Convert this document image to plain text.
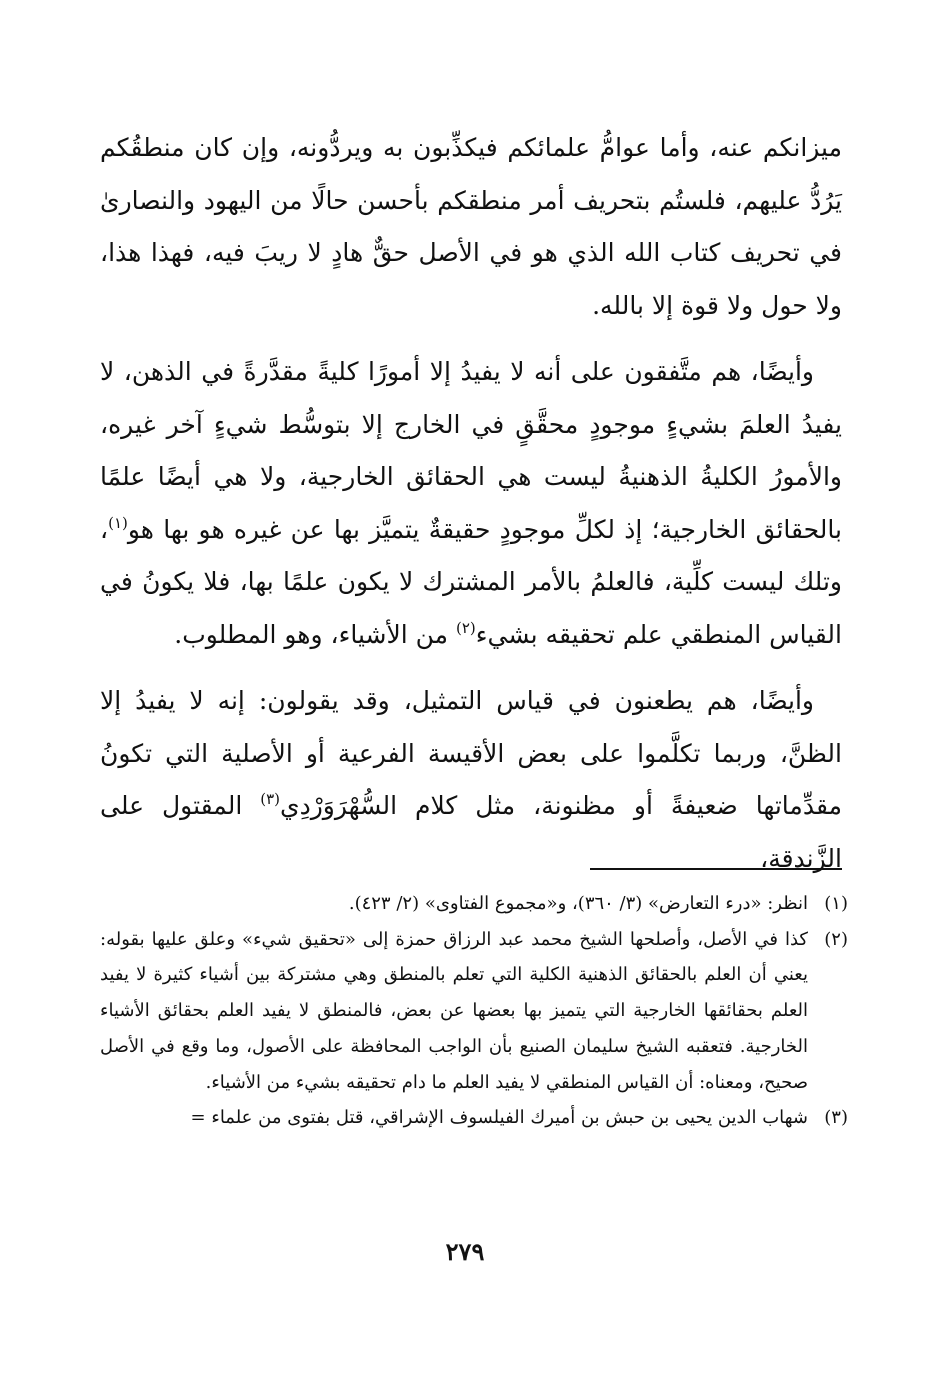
ميزانكم عنه، وأما عوامُّ علمائكم فيكذِّبون به ويردُّونه، وإن كان منطقُكم يَرُدُّ عليهم، فلستُم بتحريف أمر منطقكم بأحسن حالًا من اليهود والنصارىٰ في تحريف كتاب الله الذي هو في الأصل حقٌّ هادٍ لا ريبَ فيه، فهذا هذا، ولا حول ولا قوة إلا بالله.

وأيضًا، هم متَّفقون على أنه لا يفيدُ إلا أمورًا كليةً مقدَّرةً في الذهن، لا يفيدُ العلمَ بشيءٍ موجودٍ محقَّقٍ في الخارج إلا بتوسُّط شيءٍ آخر غيره، والأمورُ الكليةُ الذهنيةُ ليست هي الحقائق الخارجية، ولا هي أيضًا علمًا بالحقائق الخارجية؛ إذ لكلِّ موجودٍ حقيقةٌ يتميَّز بها عن غيره هو بها هو$^{(١)}$، وتلك ليست كلِّية، فالعلمُ بالأمر المشترك لا يكون علمًا بها، فلا يكونُ في القياس المنطقي علم تحقيقه بشيء$^{(٢)}$ من الأشياء، وهو المطلوب.

وأيضًا، هم يطعنون في قياس التمثيل، وقد يقولون: إنه لا يفيدُ إلا الظنَّ، وربما تكلَّموا على بعض الأقيسة الفرعية أو الأصلية التي تكونُ مقدِّماتها ضعيفةً أو مظنونة، مثل كلام السُّهْرَوَرْدِي$^{(٣)}$ المقتول على الزَّندقة،

(١)
انظر: «درء التعارض» (٣/ ٣٦٠)، و«مجموع الفتاوى» (٢/ ٤٢٣).

(٢)
كذا في الأصل، وأصلحها الشيخ محمد عبد الرزاق حمزة إلى «تحقيق شيء» وعلق عليها بقوله: يعني أن العلم بالحقائق الذهنية الكلية التي تعلم بالمنطق وهي مشتركة بين أشياء كثيرة لا يفيد العلم بحقائقها الخارجية التي يتميز بها بعضها عن بعض، فالمنطق لا يفيد العلم بحقائق الأشياء الخارجية. فتعقبه الشيخ سليمان الصنيع بأن الواجب المحافظة على الأصول، وما وقع في الأصل صحيح، ومعناه: أن القياس المنطقي لا يفيد العلم ما دام تحقيقه بشيء من الأشياء.

(٣)
شهاب الدين يحيى بن حبش بن أميرك الفيلسوف الإشراقي، قتل بفتوى من علماء =

٢٧٩
